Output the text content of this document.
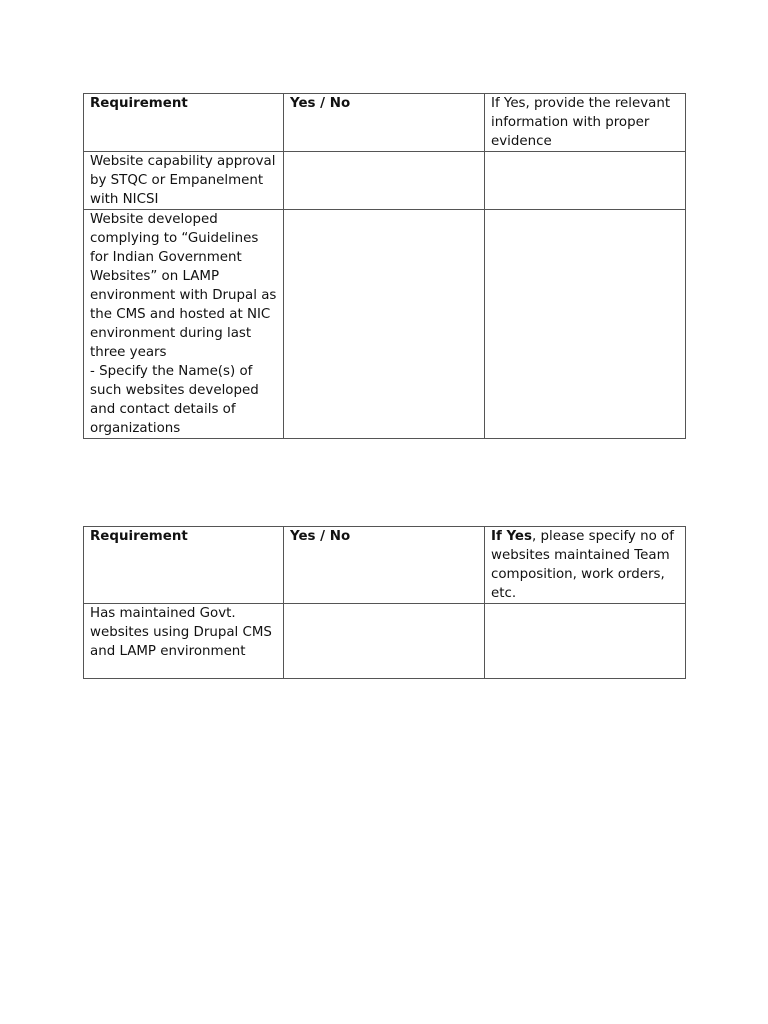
Requirement	Yes / No	If Yes, provide the relevant information with proper evidence

Website capability approval by STQC or Empanelment with NICSI		

Website developed complying to “Guidelines for Indian Government Websites” on LAMP environment with Drupal as the CMS and hosted at NIC environment during last three years
- Specify the Name(s) of such websites developed and contact details of organizations		

Requirement	Yes / No	If Yes, please specify no of websites maintained Team composition, work orders, etc.

Has maintained Govt. websites using Drupal CMS and LAMP environment		
